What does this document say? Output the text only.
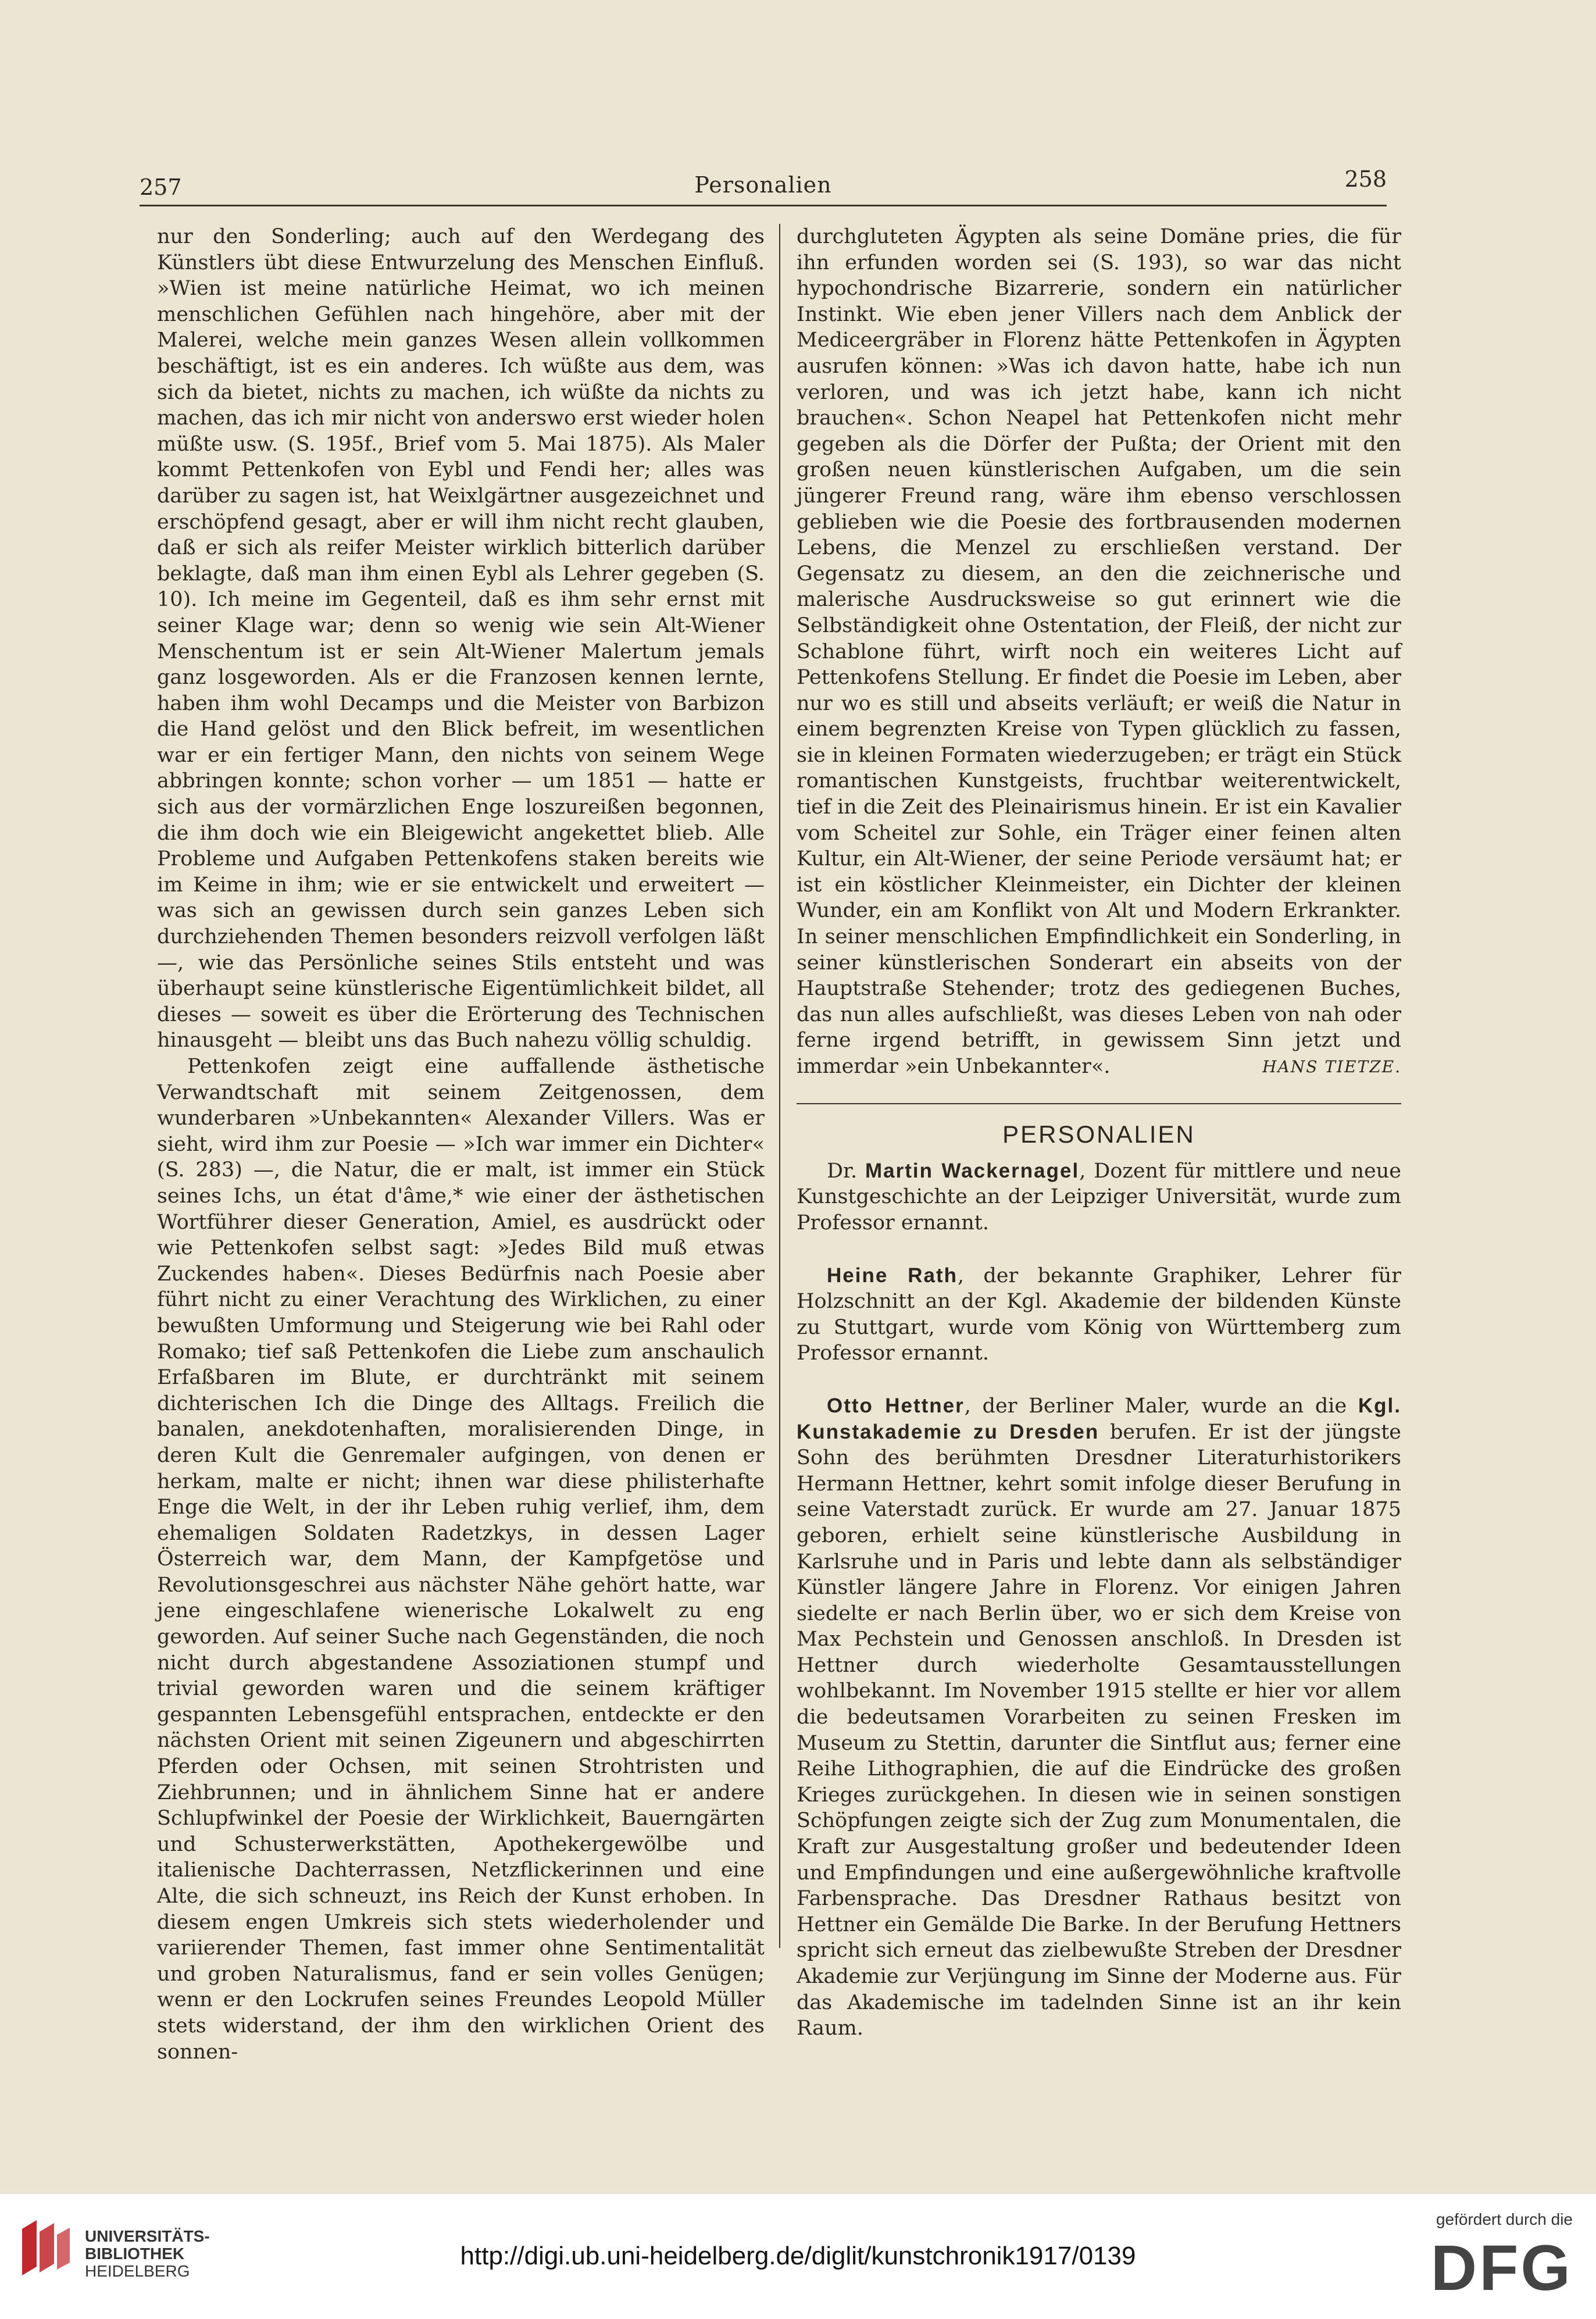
257	Personalien	258

nur den Sonderling; auch auf den Werdegang des Künstlers übt diese Entwurzelung des Menschen Einfluß. »Wien ist meine natürliche Heimat, wo ich meinen menschlichen Gefühlen nach hingehöre, aber mit der Malerei, welche mein ganzes Wesen allein vollkommen beschäftigt, ist es ein anderes. Ich wüßte aus dem, was sich da bietet, nichts zu machen, ich wüßte da nichts zu machen, das ich mir nicht von anderswo erst wieder holen müßte usw. (S. 195f., Brief vom 5. Mai 1875). Als Maler kommt Pettenkofen von Eybl und Fendi her; alles was darüber zu sagen ist, hat Weixlgärtner ausgezeichnet und erschöpfend gesagt, aber er will ihm nicht recht glauben, daß er sich als reifer Meister wirklich bitterlich darüber beklagte, daß man ihm einen Eybl als Lehrer gegeben (S. 10). Ich meine im Gegenteil, daß es ihm sehr ernst mit seiner Klage war; denn so wenig wie sein Alt-Wiener Menschentum ist er sein Alt-Wiener Malertum jemals ganz losgeworden. Als er die Franzosen kennen lernte, haben ihm wohl Decamps und die Meister von Barbizon die Hand gelöst und den Blick befreit, im wesentlichen war er ein fertiger Mann, den nichts von seinem Wege abbringen konnte; schon vorher — um 1851 — hatte er sich aus der vormärzlichen Enge loszureißen begonnen, die ihm doch wie ein Bleigewicht angekettet blieb. Alle Probleme und Aufgaben Pettenkofens staken bereits wie im Keime in ihm; wie er sie entwickelt und erweitert — was sich an gewissen durch sein ganzes Leben sich durchziehenden Themen besonders reizvoll verfolgen läßt —, wie das Persönliche seines Stils entsteht und was überhaupt seine künstlerische Eigentümlichkeit bildet, all dieses — soweit es über die Erörterung des Technischen hinausgeht — bleibt uns das Buch nahezu völlig schuldig.

Pettenkofen zeigt eine auffallende ästhetische Verwandtschaft mit seinem Zeitgenossen, dem wunderbaren »Unbekannten« Alexander Villers. Was er sieht, wird ihm zur Poesie — »Ich war immer ein Dichter« (S. 283) —, die Natur, die er malt, ist immer ein Stück seines Ichs, un état d'âme,* wie einer der ästhetischen Wortführer dieser Generation, Amiel, es ausdrückt oder wie Pettenkofen selbst sagt: »Jedes Bild muß etwas Zuckendes haben«. Dieses Bedürfnis nach Poesie aber führt nicht zu einer Verachtung des Wirklichen, zu einer bewußten Umformung und Steigerung wie bei Rahl oder Romako; tief saß Pettenkofen die Liebe zum anschaulich Erfaßbaren im Blute, er durchtränkt mit seinem dichterischen Ich die Dinge des Alltags. Freilich die banalen, anekdotenhaften, moralisierenden Dinge, in deren Kult die Genremaler aufgingen, von denen er herkam, malte er nicht; ihnen war diese philisterhafte Enge die Welt, in der ihr Leben ruhig verlief, ihm, dem ehemaligen Soldaten Radetzkys, in dessen Lager Österreich war, dem Mann, der Kampfgetöse und Revolutionsgeschrei aus nächster Nähe gehört hatte, war jene eingeschlafene wienerische Lokalwelt zu eng geworden. Auf seiner Suche nach Gegenständen, die noch nicht durch abgestandene Assoziationen stumpf und trivial geworden waren und die seinem kräftiger gespannten Lebensgefühl entsprachen, entdeckte er den nächsten Orient mit seinen Zigeunern und abgeschirrten Pferden oder Ochsen, mit seinen Strohtristen und Ziehbrunnen; und in ähnlichem Sinne hat er andere Schlupfwinkel der Poesie der Wirklichkeit, Bauerngärten und Schusterwerkstätten, Apothekergewölbe und italienische Dachterrassen, Netzflickerinnen und eine Alte, die sich schneuzt, ins Reich der Kunst erhoben. In diesem engen Umkreis sich stets wiederholender und variierender Themen, fast immer ohne Sentimentalität und groben Naturalismus, fand er sein volles Genügen; wenn er den Lockrufen seines Freundes Leopold Müller stets widerstand, der ihm den wirklichen Orient des sonnen-

durchgluteten Ägypten als seine Domäne pries, die für ihn erfunden worden sei (S. 193), so war das nicht hypochondrische Bizarrerie, sondern ein natürlicher Instinkt. Wie eben jener Villers nach dem Anblick der Mediceergräber in Florenz hätte Pettenkofen in Ägypten ausrufen können: »Was ich davon hatte, habe ich nun verloren, und was ich jetzt habe, kann ich nicht brauchen«. Schon Neapel hat Pettenkofen nicht mehr gegeben als die Dörfer der Pußta; der Orient mit den großen neuen künstlerischen Aufgaben, um die sein jüngerer Freund rang, wäre ihm ebenso verschlossen geblieben wie die Poesie des fortbrausenden modernen Lebens, die Menzel zu erschließen verstand. Der Gegensatz zu diesem, an den die zeichnerische und malerische Ausdrucksweise so gut erinnert wie die Selbständigkeit ohne Ostentation, der Fleiß, der nicht zur Schablone führt, wirft noch ein weiteres Licht auf Pettenkofens Stellung. Er findet die Poesie im Leben, aber nur wo es still und abseits verläuft; er weiß die Natur in einem begrenzten Kreise von Typen glücklich zu fassen, sie in kleinen Formaten wiederzugeben; er trägt ein Stück romantischen Kunstgeists, fruchtbar weiterentwickelt, tief in die Zeit des Pleinairismus hinein. Er ist ein Kavalier vom Scheitel zur Sohle, ein Träger einer feinen alten Kultur, ein Alt-Wiener, der seine Periode versäumt hat; er ist ein köstlicher Kleinmeister, ein Dichter der kleinen Wunder, ein am Konflikt von Alt und Modern Erkrankter. In seiner menschlichen Empfindlichkeit ein Sonderling, in seiner künstlerischen Sonderart ein abseits von der Hauptstraße Stehender; trotz des gediegenen Buches, das nun alles aufschließt, was dieses Leben von nah oder ferne irgend betrifft, in gewissem Sinn jetzt und immerdar »ein Unbekannter«.	HANS TIETZE.
PERSONALIEN

Dr. Martin Wackernagel, Dozent für mittlere und neue Kunstgeschichte an der Leipziger Universität, wurde zum Professor ernannt.

Heine Rath, der bekannte Graphiker, Lehrer für Holzschnitt an der Kgl. Akademie der bildenden Künste zu Stuttgart, wurde vom König von Württemberg zum Professor ernannt.

Otto Hettner, der Berliner Maler, wurde an die Kgl. Kunstakademie zu Dresden berufen. Er ist der jüngste Sohn des berühmten Dresdner Literaturhistorikers Hermann Hettner, kehrt somit infolge dieser Berufung in seine Vaterstadt zurück. Er wurde am 27. Januar 1875 geboren, erhielt seine künstlerische Ausbildung in Karlsruhe und in Paris und lebte dann als selbständiger Künstler längere Jahre in Florenz. Vor einigen Jahren siedelte er nach Berlin über, wo er sich dem Kreise von Max Pechstein und Genossen anschloß. In Dresden ist Hettner durch wiederholte Gesamtausstellungen wohlbekannt. Im November 1915 stellte er hier vor allem die bedeutsamen Vorarbeiten zu seinen Fresken im Museum zu Stettin, darunter die Sintflut aus; ferner eine Reihe Lithographien, die auf die Eindrücke des großen Krieges zurückgehen. In diesen wie in seinen sonstigen Schöpfungen zeigte sich der Zug zum Monumentalen, die Kraft zur Ausgestaltung großer und bedeutender Ideen und Empfindungen und eine außergewöhnliche kraftvolle Farbensprache. Das Dresdner Rathaus besitzt von Hettner ein Gemälde Die Barke. In der Berufung Hettners spricht sich erneut das zielbewußte Streben der Dresdner Akademie zur Verjüngung im Sinne der Moderne aus. Für das Akademische im tadelnden Sinne ist an ihr kein Raum.

UNIVERSITÄTS-
BIBLIOTHEK
HEIDELBERG
http://digi.ub.uni-heidelberg.de/diglit/kunstchronik1917/0139
gefördert durch die
DFG
